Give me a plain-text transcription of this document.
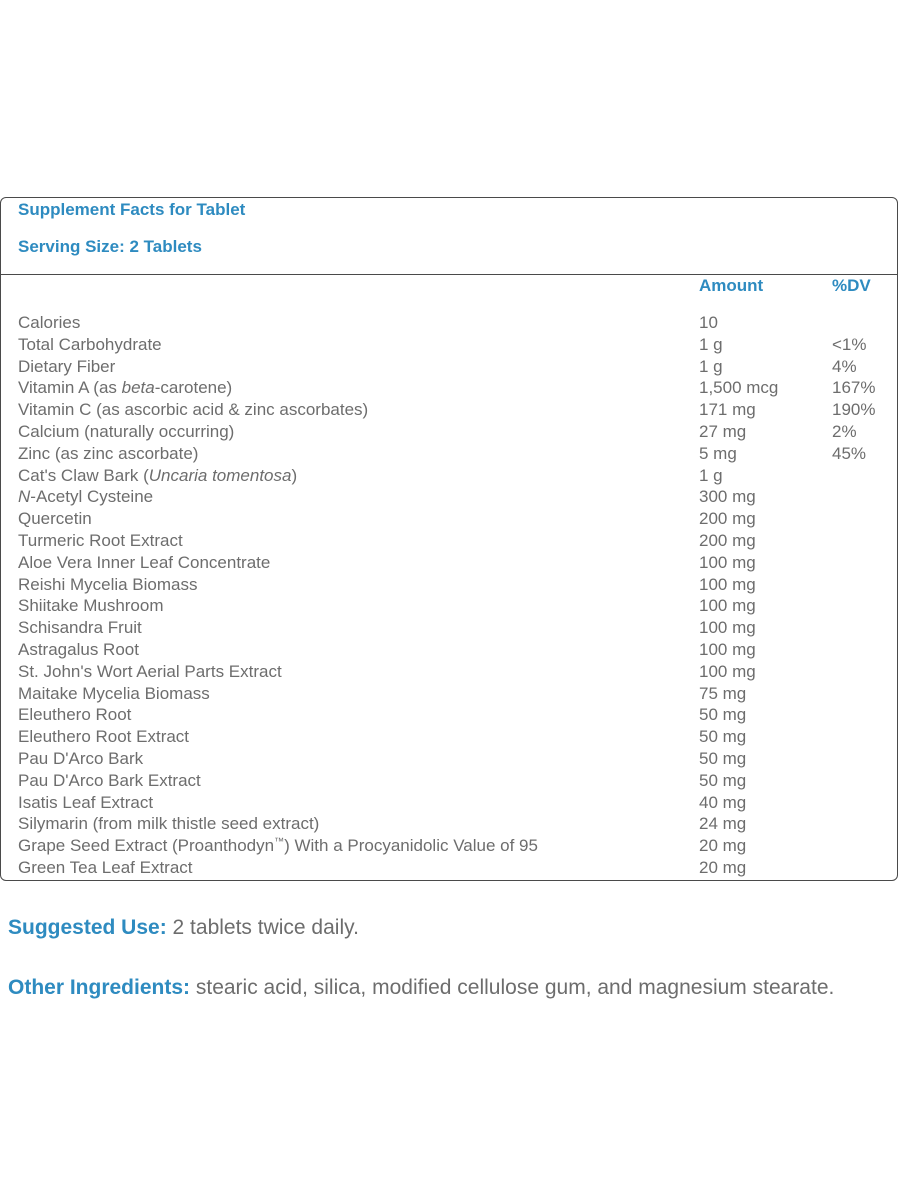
Supplement Facts for Tablet
Serving Size: 2 Tablets
Amount	%DV
Calories	10
Total Carbohydrate	1 g	<1%
Dietary Fiber	1 g	4%
Vitamin A (as beta-carotene)	1,500 mcg	167%
Vitamin C (as ascorbic acid & zinc ascorbates)	171 mg	190%
Calcium (naturally occurring)	27 mg	2%
Zinc (as zinc ascorbate)	5 mg	45%
Cat's Claw Bark (Uncaria tomentosa)	1 g
N-Acetyl Cysteine	300 mg
Quercetin	200 mg
Turmeric Root Extract	200 mg
Aloe Vera Inner Leaf Concentrate	100 mg
Reishi Mycelia Biomass	100 mg
Shiitake Mushroom	100 mg
Schisandra Fruit	100 mg
Astragalus Root	100 mg
St. John's Wort Aerial Parts Extract	100 mg
Maitake Mycelia Biomass	75 mg
Eleuthero Root	50 mg
Eleuthero Root Extract	50 mg
Pau D'Arco Bark	50 mg
Pau D'Arco Bark Extract	50 mg
Isatis Leaf Extract	40 mg
Silymarin (from milk thistle seed extract)	24 mg
Grape Seed Extract (Proanthodyn™) With a Procyanidolic Value of 95	20 mg
Green Tea Leaf Extract	20 mg
Suggested Use: 2 tablets twice daily.
Other Ingredients: stearic acid, silica, modified cellulose gum, and magnesium stearate.
